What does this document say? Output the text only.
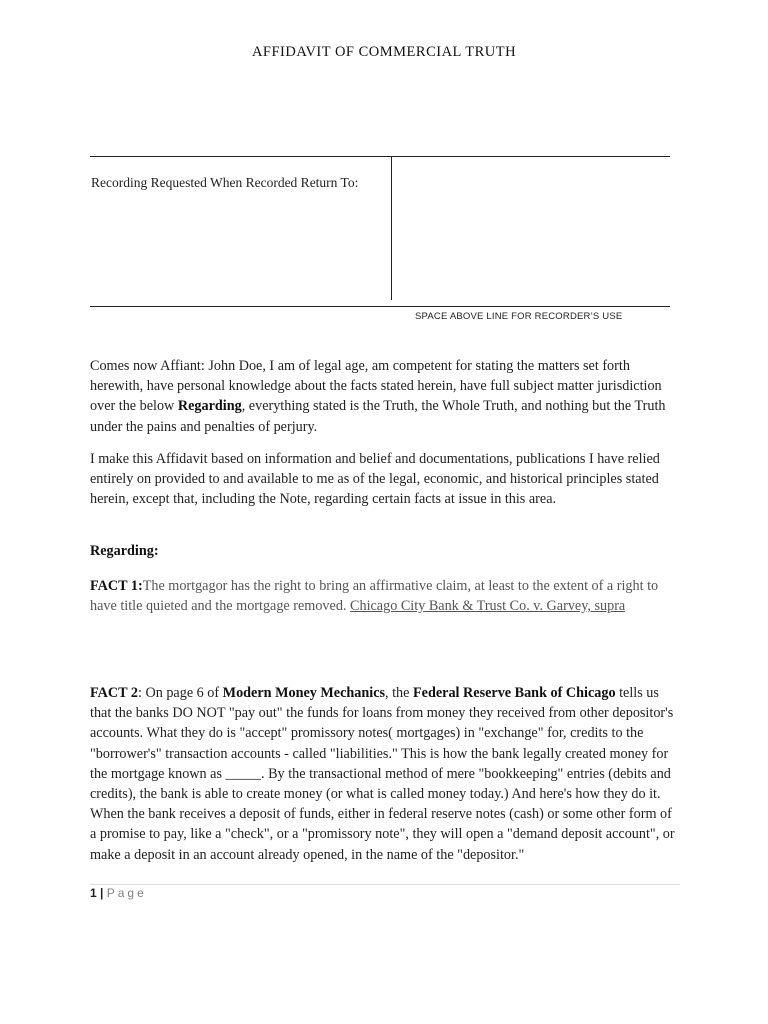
AFFIDAVIT OF COMMERCIAL TRUTH
Recording Requested When Recorded Return To:
SPACE ABOVE LINE FOR RECORDER’S USE
Comes now Affiant: John Doe, I am of legal age, am competent for stating the matters set forth herewith, have personal knowledge about the facts stated herein, have full subject matter jurisdiction over the below Regarding, everything stated is the Truth, the Whole Truth, and nothing but the Truth under the pains and penalties of perjury.
I make this Affidavit based on information and belief and documentations, publications I have relied entirely on provided to and available to me as of the legal, economic, and historical principles stated herein, except that, including the Note, regarding certain facts at issue in this area.
Regarding:
FACT 1:The mortgagor has the right to bring an affirmative claim, at least to the extent of a right to have title quieted and the mortgage removed. Chicago City Bank & Trust Co. v. Garvey, supra
FACT 2: On page 6 of Modern Money Mechanics, the Federal Reserve Bank of Chicago tells us that the banks DO NOT "pay out" the funds for loans from money they received from other depositor's accounts. What they do is "accept" promissory notes( mortgages) in "exchange" for, credits to the "borrower's" transaction accounts - called "liabilities." This is how the bank legally created money for the mortgage known as _____. By the transactional method of mere "bookkeeping" entries (debits and credits), the bank is able to create money (or what is called money today.) And here's how they do it. When the bank receives a deposit of funds, either in federal reserve notes (cash) or some other form of a promise to pay, like a "check", or a "promissory note", they will open a "demand deposit account", or make a deposit in an account already opened, in the name of the "depositor."
1 | Page
